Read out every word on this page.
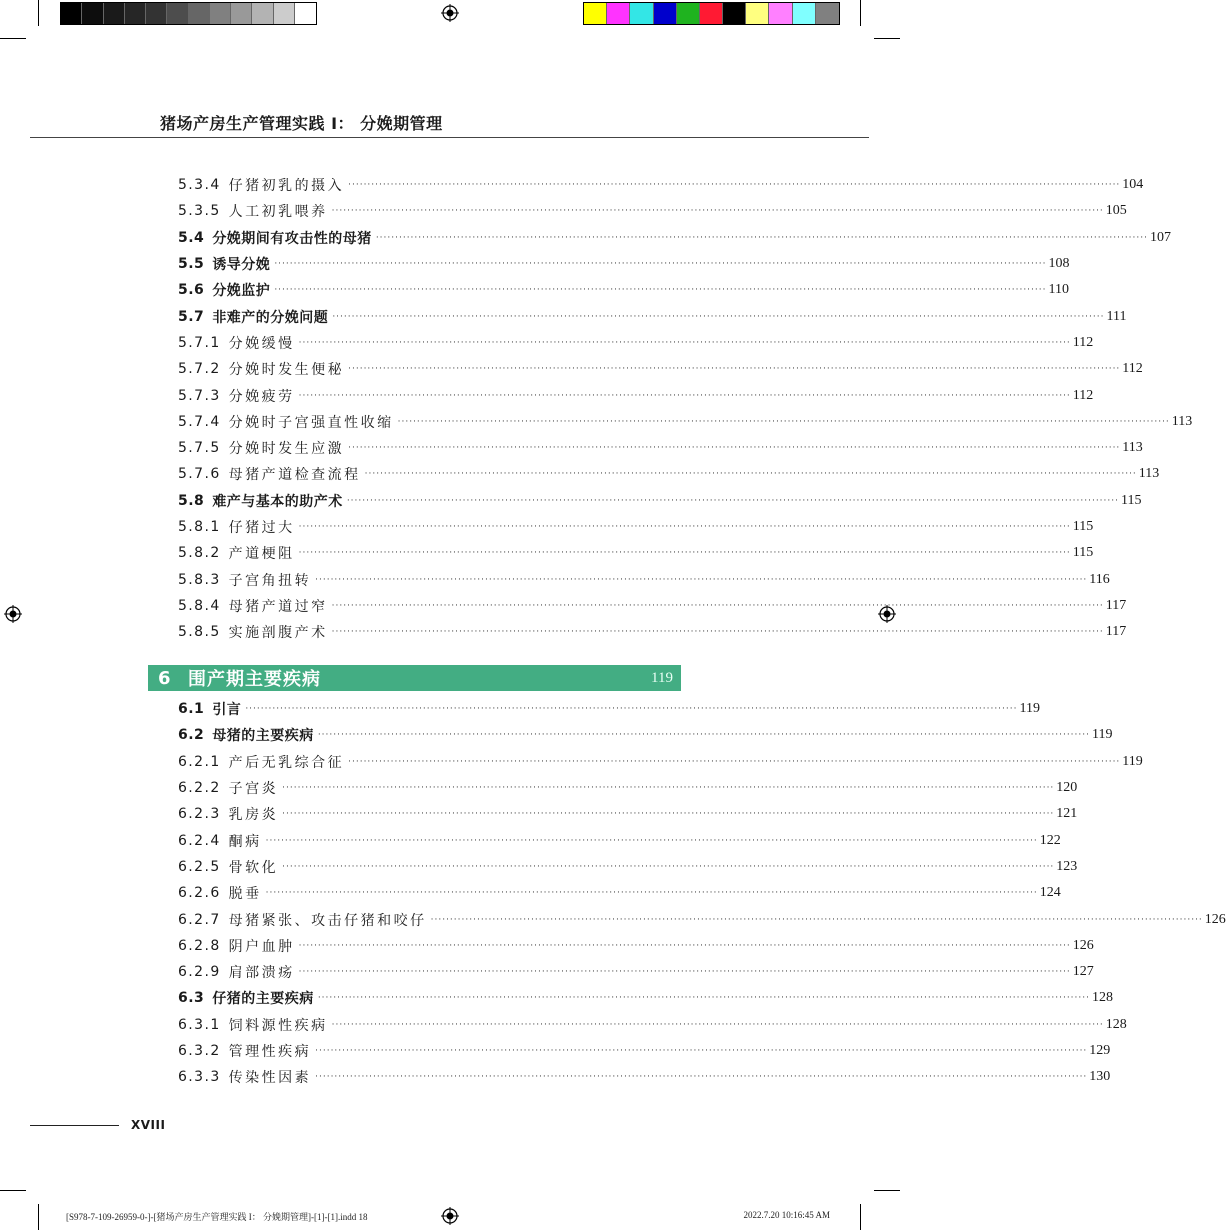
猪场产房生产管理实践 I： 分娩期管理
5.3.4 仔猪初乳的摄入 ········································································································································································································ 104
5.3.5 人工初乳喂养 ········································································································································································································ 105
5.4 分娩期间有攻击性的母猪 ········································································································································································································ 107
5.5 诱导分娩 ········································································································································································································ 108
5.6 分娩监护 ········································································································································································································ 110
5.7 非难产的分娩问题 ········································································································································································································ 111
5.7.1 分娩缓慢 ········································································································································································································ 112
5.7.2 分娩时发生便秘 ········································································································································································································ 112
5.7.3 分娩疲劳 ········································································································································································································ 112
5.7.4 分娩时子宫强直性收缩 ········································································································································································································ 113
5.7.5 分娩时发生应激 ········································································································································································································ 113
5.7.6 母猪产道检查流程 ········································································································································································································ 113
5.8 难产与基本的助产术 ········································································································································································································ 115
5.8.1 仔猪过大 ········································································································································································································ 115
5.8.2 产道梗阻 ········································································································································································································ 115
5.8.3 子宫角扭转 ········································································································································································································ 116
5.8.4 母猪产道过窄 ········································································································································································································ 117
5.8.5 实施剖腹产术 ········································································································································································································ 117
6 围产期主要疾病	119
6.1 引言 ········································································································································································································ 119
6.2 母猪的主要疾病 ········································································································································································································ 119
6.2.1 产后无乳综合征 ········································································································································································································ 119
6.2.2 子宫炎 ········································································································································································································ 120
6.2.3 乳房炎 ········································································································································································································ 121
6.2.4 酮病 ········································································································································································································ 122
6.2.5 骨软化 ········································································································································································································ 123
6.2.6 脱垂 ········································································································································································································ 124
6.2.7 母猪紧张、攻击仔猪和咬仔 ········································································································································································································ 126
6.2.8 阴户血肿 ········································································································································································································ 126
6.2.9 肩部溃疡 ········································································································································································································ 127
6.3 仔猪的主要疾病 ········································································································································································································ 128
6.3.1 饲料源性疾病 ········································································································································································································ 128
6.3.2 管理性疾病 ········································································································································································································ 129
6.3.3 传染性因素 ········································································································································································································ 130
XVIII
[S978-7-109-26959-0-]-[猪场产房生产管理实践 I： 分娩期管理]-[1]-[1].indd 18	2022.7.20 10:16:45 AM
